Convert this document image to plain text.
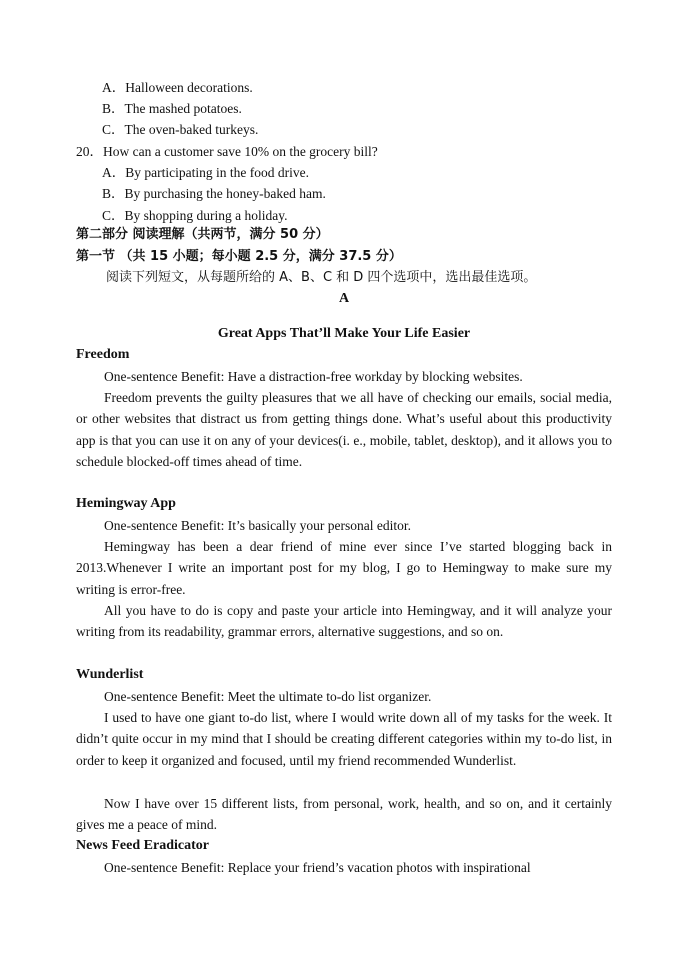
A．Halloween decorations.
B．The mashed potatoes.
C．The oven-baked turkeys.
20．How can a customer save 10% on the grocery bill?
A．By participating in the food drive.
B．By purchasing the honey-baked ham.
C．By shopping during a holiday.
第二部分 阅读理解（共两节，满分 50 分）
第一节 （共 15 小题；每小题 2.5 分，满分 37.5 分）
阅读下列短文，从每题所给的 A、B、C 和 D 四个选项中，选出最佳选项。
A
Great Apps That’ll Make Your Life Easier
Freedom
One-sentence Benefit: Have a distraction-free workday by blocking websites.
Freedom prevents the guilty pleasures that we all have of checking our emails, social media, or other websites that distract us from getting things done. What’s useful about this productivity app is that you can use it on any of your devices(i. e., mobile, tablet, desktop), and it allows you to schedule blocked-off times ahead of time.
Hemingway App
One-sentence Benefit: It’s basically your personal editor.
Hemingway has been a dear friend of mine ever since I’ve started blogging back in 2013.Whenever I write an important post for my blog, I go to Hemingway to make sure my writing is error-free.
All you have to do is copy and paste your article into Hemingway, and it will analyze your writing from its readability, grammar errors, alternative suggestions, and so on.
Wunderlist
One-sentence Benefit: Meet the ultimate to-do list organizer.
I used to have one giant to-do list, where I would write down all of my tasks for the week. It didn’t quite occur in my mind that I should be creating different categories within my to-do list, in order to keep it organized and focused, until my friend recommended Wunderlist.
Now I have over 15 different lists, from personal, work, health, and so on, and it certainly gives me a peace of mind.
News Feed Eradicator
One-sentence Benefit: Replace your friend’s vacation photos with inspirational
